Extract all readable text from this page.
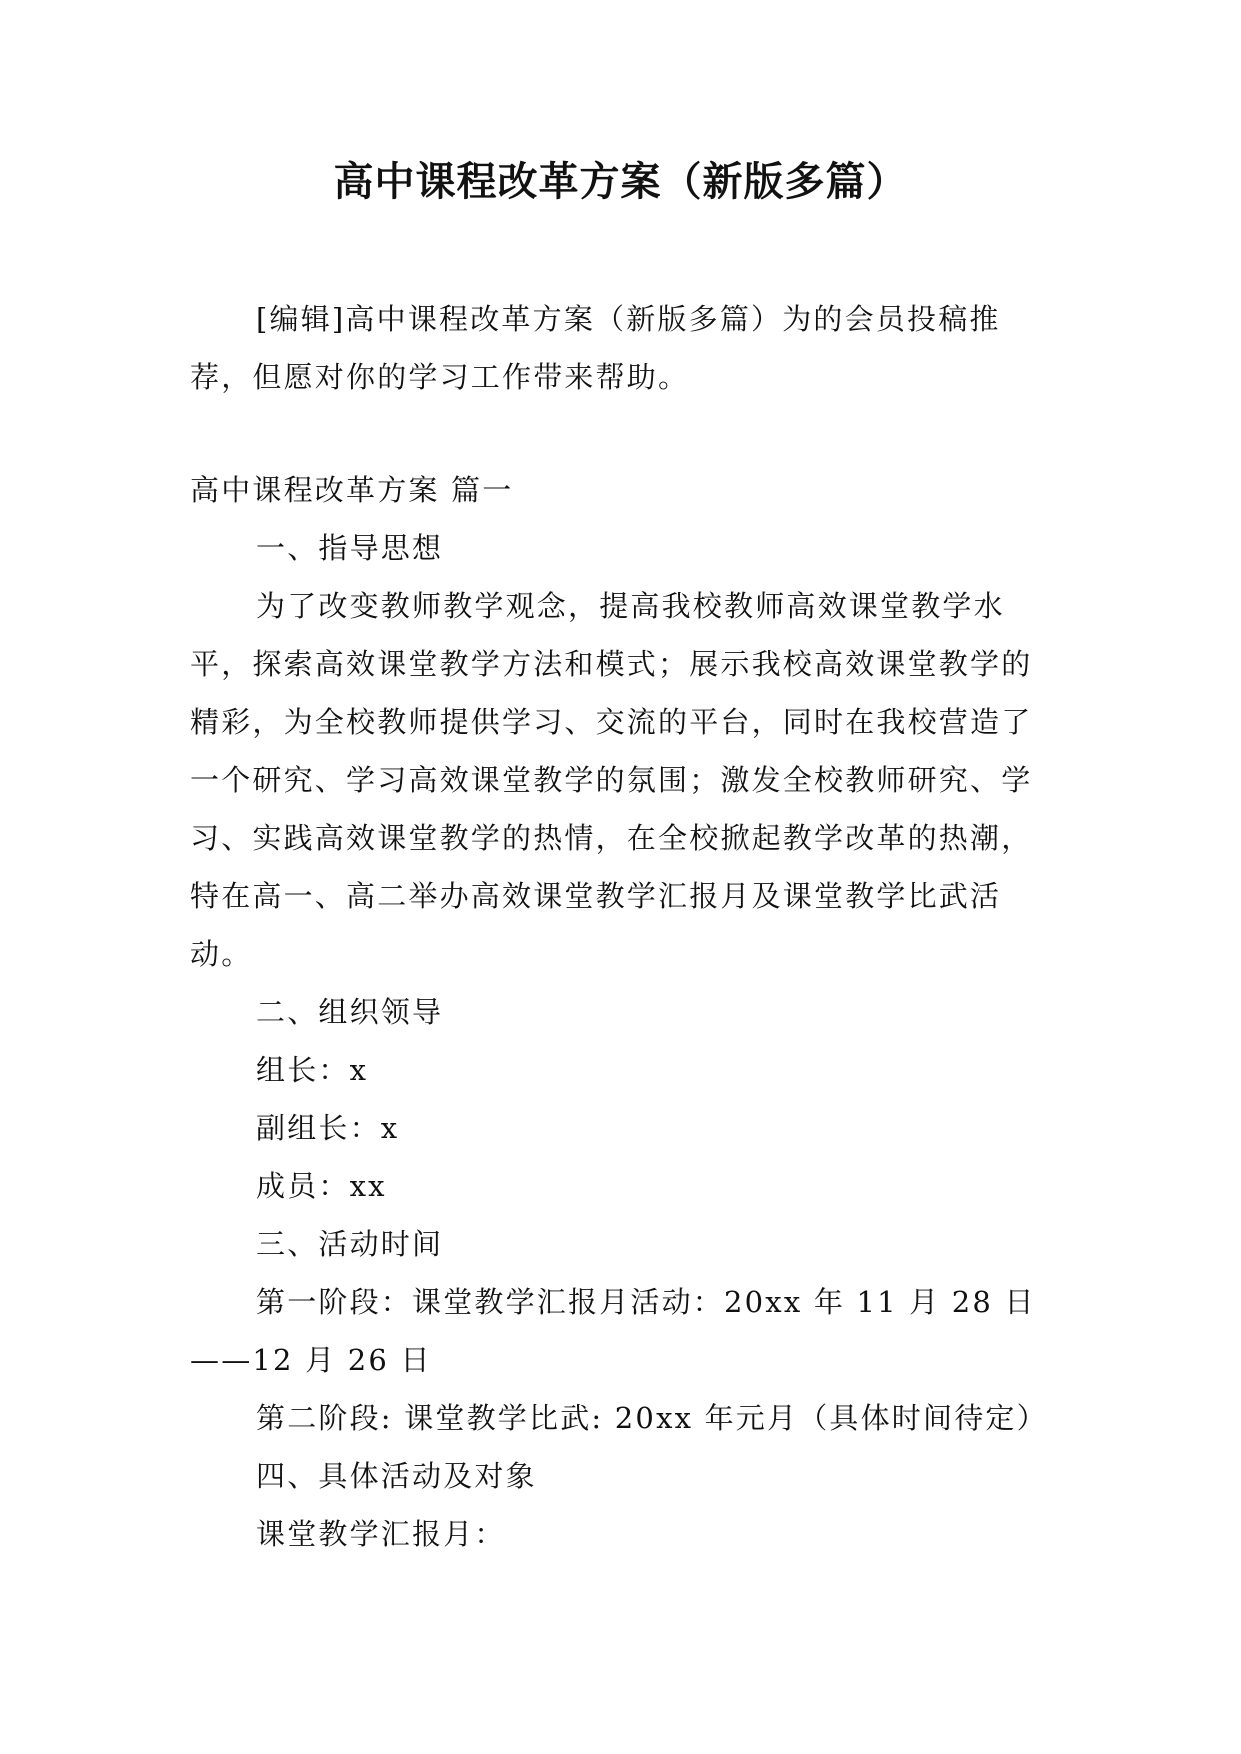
高中课程改革方案（新版多篇）

[编辑]高中课程改革方案（新版多篇）为的会员投稿推荐，但愿对你的学习工作带来帮助。

高中课程改革方案 篇一

一、指导思想

为了改变教师教学观念，提高我校教师高效课堂教学水平，探索高效课堂教学方法和模式；展示我校高效课堂教学的精彩，为全校教师提供学习、交流的平台，同时在我校营造了一个研究、学习高效课堂教学的氛围；激发全校教师研究、学习、实践高效课堂教学的热情，在全校掀起教学改革的热潮，特在高一、高二举办高效课堂教学汇报月及课堂教学比武活动。

二、组织领导

组长：x

副组长：x

成员：xx

三、活动时间

第一阶段：课堂教学汇报月活动：20xx 年 11 月 28 日——12 月 26 日

第二阶段: 课堂教学比武: 20xx 年元月（具体时间待定）

四、具体活动及对象

课堂教学汇报月：
